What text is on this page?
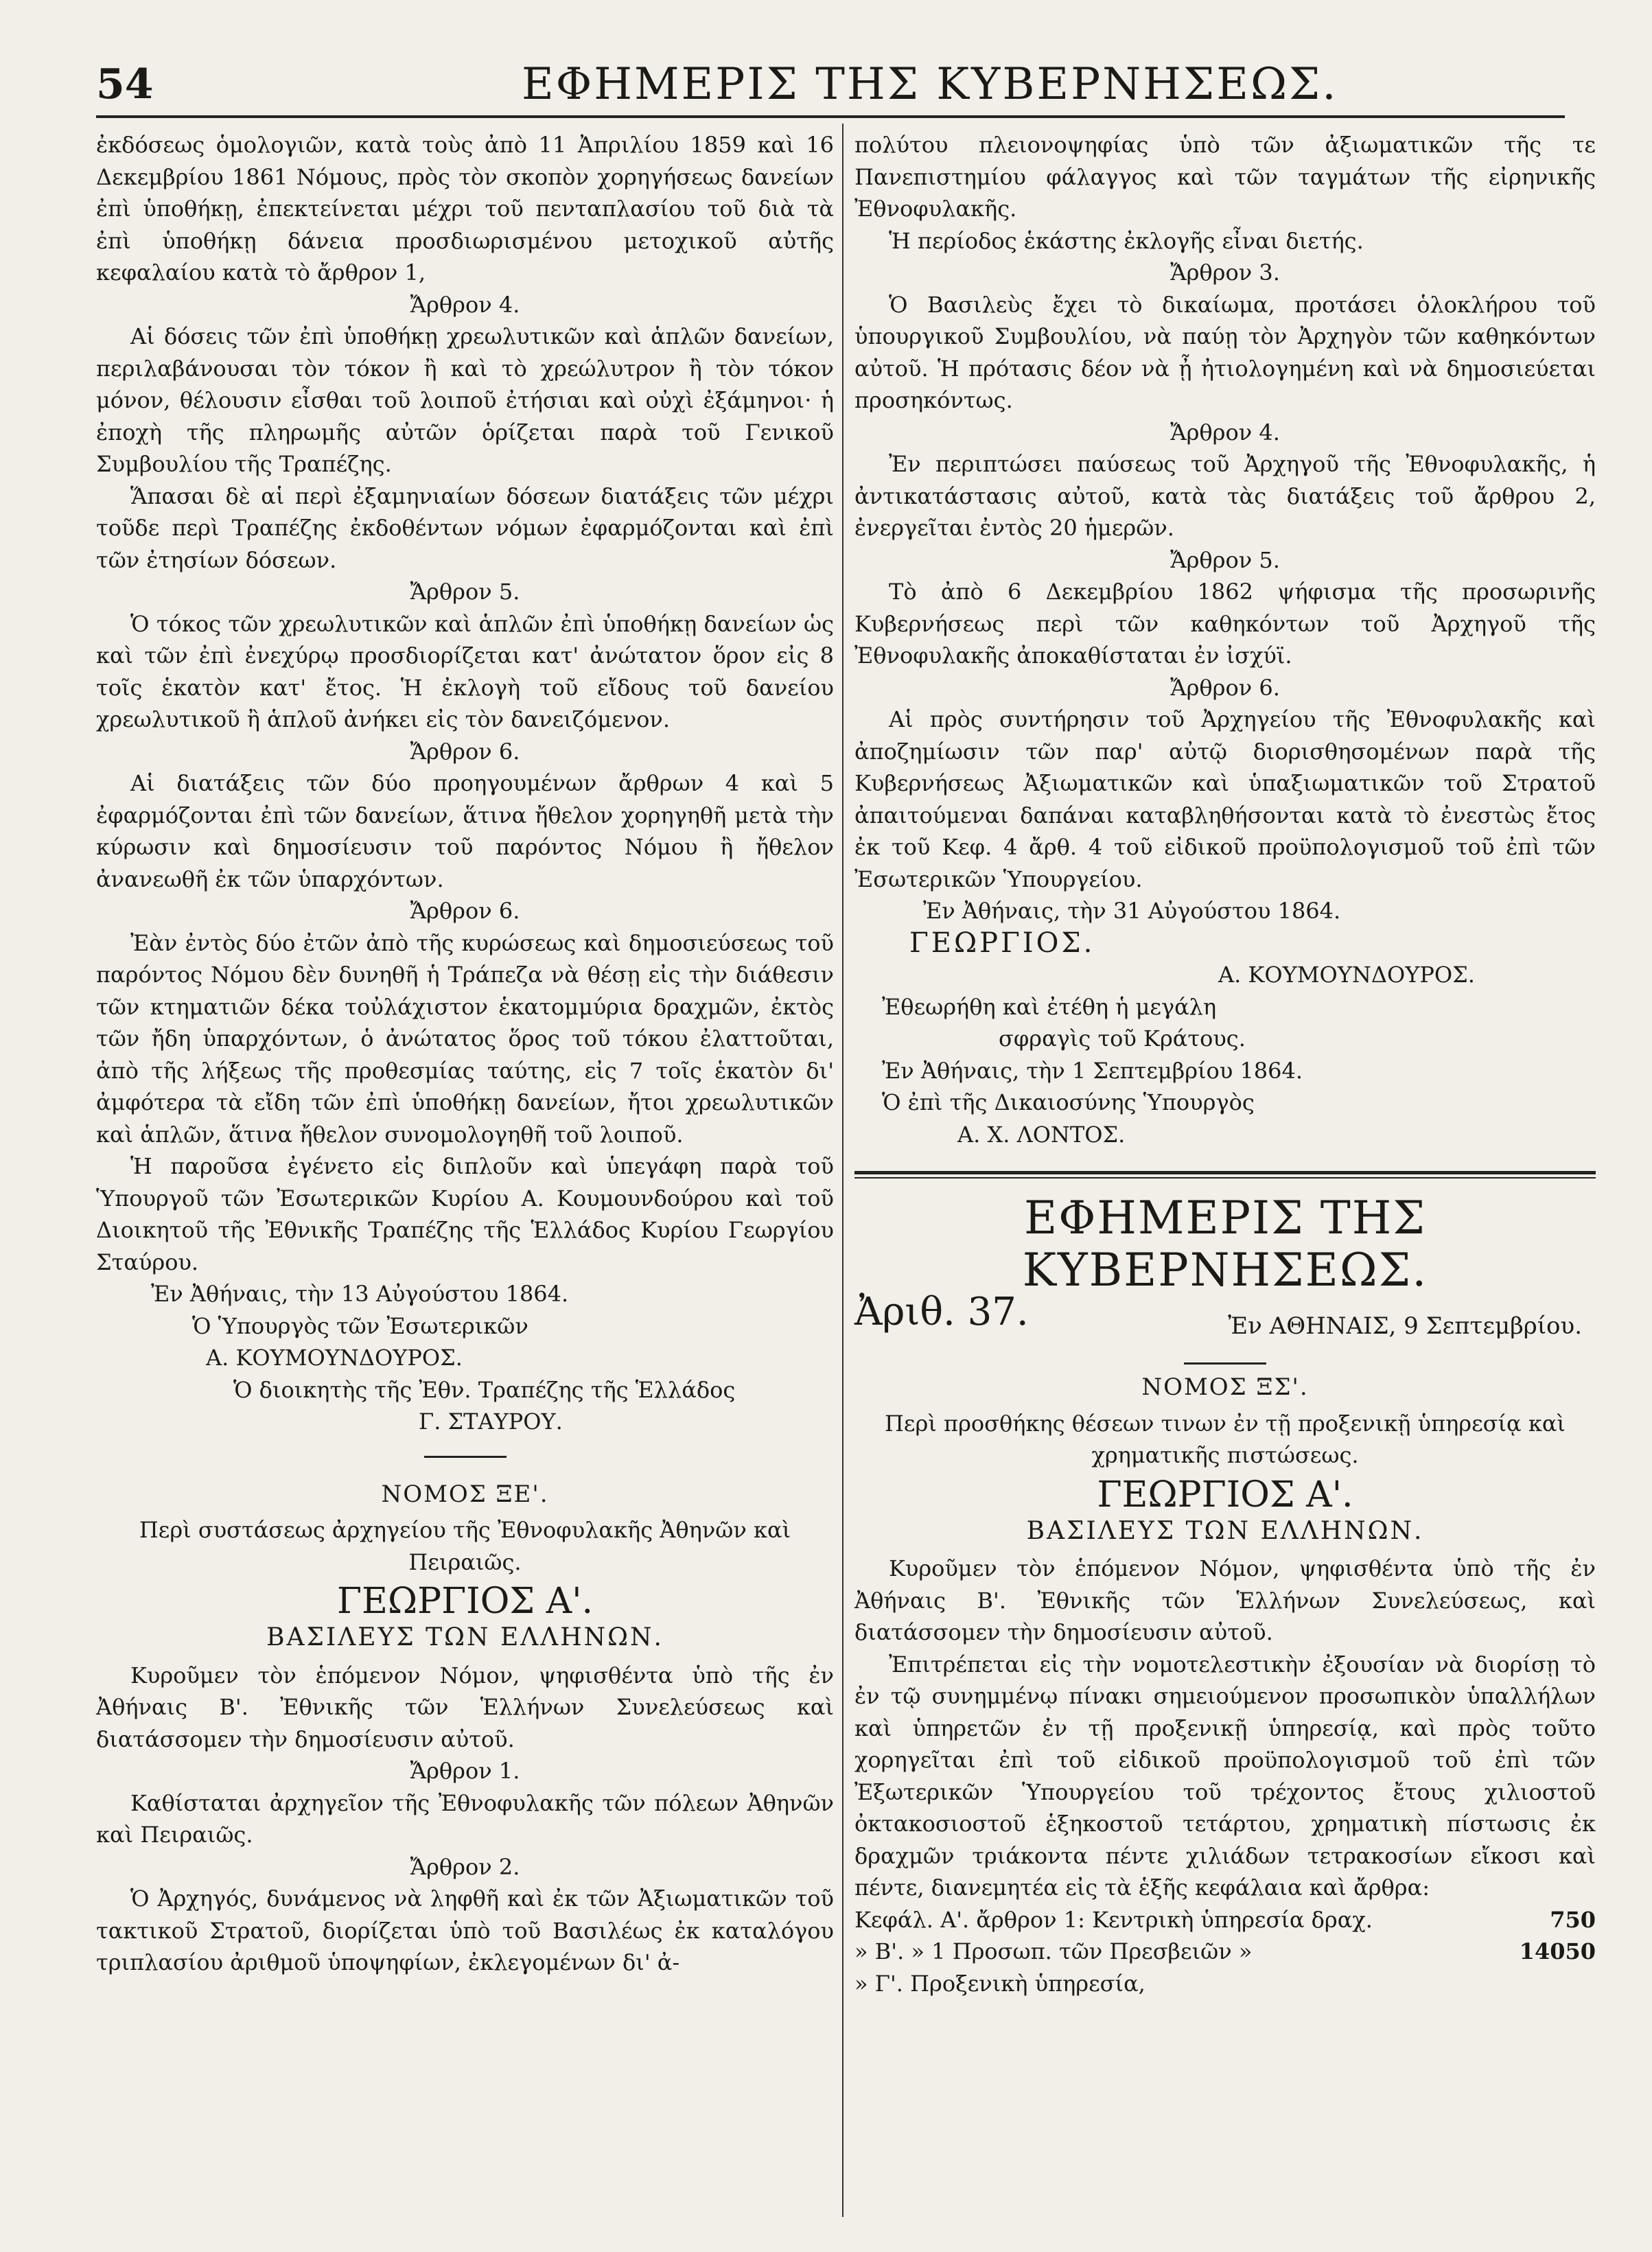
54	ΕΦΗΜΕΡΙΣ ΤΗΣ ΚΥΒΕΡΝΗΣΕΩΣ.

ἐκδόσεως ὁμολογιῶν, κατὰ τοὺς ἀπὸ 11 Ἀπριλίου 1859 καὶ 16 Δεκεμβρίου 1861 Νόμους, πρὸς τὸν σκοπὸν χορηγήσεως δανείων ἐπὶ ὑποθήκῃ, ἐπεκτείνεται μέχρι τοῦ πενταπλασίου τοῦ διὰ τὰ ἐπὶ ὑποθήκῃ δάνεια προσδιωρισμένου μετοχικοῦ αὐτῆς κεφαλαίου κατὰ τὸ ἄρθρον 1,

Ἄρθρον 4.

Αἱ δόσεις τῶν ἐπὶ ὑποθήκῃ χρεωλυτικῶν καὶ ἁπλῶν δανείων, περιλαβάνουσαι τὸν τόκον ἢ καὶ τὸ χρεώλυτρον ἢ τὸν τόκον μόνον, θέλουσιν εἶσθαι τοῦ λοιποῦ ἐτήσιαι καὶ οὐχὶ ἐξάμηνοι· ἡ ἐποχὴ τῆς πληρωμῆς αὐτῶν ὁρίζεται παρὰ τοῦ Γενικοῦ Συμβουλίου τῆς Τραπέζης.

Ἅπασαι δὲ αἱ περὶ ἐξαμηνιαίων δόσεων διατάξεις τῶν μέχρι τοῦδε περὶ Τραπέζης ἐκδοθέντων νόμων ἐφαρμόζονται καὶ ἐπὶ τῶν ἐτησίων δόσεων.

Ἄρθρον 5.

Ὁ τόκος τῶν χρεωλυτικῶν καὶ ἁπλῶν ἐπὶ ὑποθήκῃ δανείων ὡς καὶ τῶν ἐπὶ ἐνεχύρῳ προσδιορίζεται κατ' ἀνώτατον ὅρον εἰς 8 τοῖς ἑκατὸν κατ' ἔτος. Ἡ ἐκλογὴ τοῦ εἴδους τοῦ δανείου χρεωλυτικοῦ ἢ ἁπλοῦ ἀνήκει εἰς τὸν δανειζόμενον.

Ἄρθρον 6.

Αἱ διατάξεις τῶν δύο προηγουμένων ἄρθρων 4 καὶ 5 ἐφαρμόζονται ἐπὶ τῶν δανείων, ἅτινα ἤθελον χορηγηθῆ μετὰ τὴν κύρωσιν καὶ δημοσίευσιν τοῦ παρόντος Νόμου ἢ ἤθελον ἀνανεωθῆ ἐκ τῶν ὑπαρχόντων.

Ἄρθρον 6.

Ἐὰν ἐντὸς δύο ἐτῶν ἀπὸ τῆς κυρώσεως καὶ δημοσιεύσεως τοῦ παρόντος Νόμου δὲν δυνηθῆ ἡ Τράπεζα νὰ θέσῃ εἰς τὴν διάθεσιν τῶν κτηματιῶν δέκα τοὐλάχιστον ἑκατομμύρια δραχμῶν, ἐκτὸς τῶν ἤδη ὑπαρχόντων, ὁ ἀνώτατος ὅρος τοῦ τόκου ἐλαττοῦται, ἀπὸ τῆς λήξεως τῆς προθεσμίας ταύτης, εἰς 7 τοῖς ἑκατὸν δι' ἀμφότερα τὰ εἴδη τῶν ἐπὶ ὑποθήκῃ δανείων, ἤτοι χρεωλυτικῶν καὶ ἁπλῶν, ἅτινα ἤθελον συνομολογηθῆ τοῦ λοιποῦ.

Ἡ παροῦσα ἐγένετο εἰς διπλοῦν καὶ ὑπεγάφη παρὰ τοῦ Ὑπουργοῦ τῶν Ἐσωτερικῶν Κυρίου Α. Κουμουνδούρου καὶ τοῦ Διοικητοῦ τῆς Ἐθνικῆς Τραπέζης τῆς Ἑλλάδος Κυρίου Γεωργίου Σταύρου.

Ἐν Ἀθήναις, τὴν 13 Αὐγούστου 1864.

Ὁ Ὑπουργὸς τῶν Ἐσωτερικῶν

Α. ΚΟΥΜΟΥΝΔΟΥΡΟΣ.

Ὁ διοικητὴς τῆς Ἐθν. Τραπέζης τῆς Ἑλλάδος

Γ. ΣΤΑΥΡΟΥ.

ΝΟΜΟΣ ΞΕ'.

Περὶ συστάσεως ἀρχηγείου τῆς Ἐθνοφυλακῆς Ἀθηνῶν καὶ Πειραιῶς.

ΓΕΩΡΓΙΟΣ Α'.

ΒΑΣΙΛΕΥΣ ΤΩΝ ΕΛΛΗΝΩΝ.

Κυροῦμεν τὸν ἑπόμενον Νόμον, ψηφισθέντα ὑπὸ τῆς ἐν Ἀθήναις Β'. Ἐθνικῆς τῶν Ἑλλήνων Συνελεύσεως καὶ διατάσσομεν τὴν δημοσίευσιν αὐτοῦ.

Ἄρθρον 1.

Καθίσταται ἀρχηγεῖον τῆς Ἐθνοφυλακῆς τῶν πόλεων Ἀθηνῶν καὶ Πειραιῶς.

Ἄρθρον 2.

Ὁ Ἀρχηγός, δυνάμενος νὰ ληφθῆ καὶ ἐκ τῶν Ἀξιωματικῶν τοῦ τακτικοῦ Στρατοῦ, διορίζεται ὑπὸ τοῦ Βασιλέως ἐκ καταλόγου τριπλασίου ἀριθμοῦ ὑποψηφίων, ἐκλεγομένων δι' ἀ-

πολύτου πλειονοψηφίας ὑπὸ τῶν ἀξιωματικῶν τῆς τε Πανεπιστημίου φάλαγγος καὶ τῶν ταγμάτων τῆς εἰρηνικῆς Ἐθνοφυλακῆς.

Ἡ περίοδος ἑκάστης ἐκλογῆς εἶναι διετής.

Ἄρθρον 3.

Ὁ Βασιλεὺς ἔχει τὸ δικαίωμα, προτάσει ὁλοκλήρου τοῦ ὑπουργικοῦ Συμβουλίου, νὰ παύῃ τὸν Ἀρχηγὸν τῶν καθηκόντων αὐτοῦ. Ἡ πρότασις δέον νὰ ᾖ ἠτιολογημένη καὶ νὰ δημοσιεύεται προσηκόντως.

Ἄρθρον 4.

Ἐν περιπτώσει παύσεως τοῦ Ἀρχηγοῦ τῆς Ἐθνοφυλακῆς, ἡ ἀντικατάστασις αὐτοῦ, κατὰ τὰς διατάξεις τοῦ ἄρθρου 2, ἐνεργεῖται ἐντὸς 20 ἡμερῶν.

Ἄρθρον 5.

Τὸ ἀπὸ 6 Δεκεμβρίου 1862 ψήφισμα τῆς προσωρινῆς Κυβερνήσεως περὶ τῶν καθηκόντων τοῦ Ἀρχηγοῦ τῆς Ἐθνοφυλακῆς ἀποκαθίσταται ἐν ἰσχύϊ.

Ἄρθρον 6.

Αἱ πρὸς συντήρησιν τοῦ Ἀρχηγείου τῆς Ἐθνοφυλακῆς καὶ ἀποζημίωσιν τῶν παρ' αὐτῷ διορισθησομένων παρὰ τῆς Κυβερνήσεως Ἀξιωματικῶν καὶ ὑπαξιωματικῶν τοῦ Στρατοῦ ἀπαιτούμεναι δαπάναι καταβληθήσονται κατὰ τὸ ἐνεστὼς ἔτος ἐκ τοῦ Κεφ. 4 ἄρθ. 4 τοῦ εἰδικοῦ προϋπολογισμοῦ τοῦ ἐπὶ τῶν Ἐσωτερικῶν Ὑπουργείου.

Ἐν Ἀθήναις, τὴν 31 Αὐγούστου 1864.

ΓΕΩΡΓΙΟΣ.

Α. ΚΟΥΜΟΥΝΔΟΥΡΟΣ.

Ἐθεωρήθη καὶ ἐτέθη ἡ μεγάλη

σφραγὶς τοῦ Κράτους.

Ἐν Ἀθήναις, τὴν 1 Σεπτεμβρίου 1864.

Ὁ ἐπὶ τῆς Δικαιοσύνης Ὑπουργὸς

Α. Χ. ΛΟΝΤΟΣ.

ΕΦΗΜΕΡΙΣ ΤΗΣ ΚΥΒΕΡΝΗΣΕΩΣ.

Ἀριθ. 37.	Ἐν ΑΘΗΝΑΙΣ, 9 Σεπτεμβρίου.

ΝΟΜΟΣ ΞΣ'.

Περὶ προσθήκης θέσεων τινων ἐν τῇ προξενικῇ ὑπηρεσίᾳ καὶ χρηματικῆς πιστώσεως.

ΓΕΩΡΓΙΟΣ Α'.

ΒΑΣΙΛΕΥΣ ΤΩΝ ΕΛΛΗΝΩΝ.

Κυροῦμεν τὸν ἑπόμενον Νόμον, ψηφισθέντα ὑπὸ τῆς ἐν Ἀθήναις Β'. Ἐθνικῆς τῶν Ἑλλήνων Συνελεύσεως, καὶ διατάσσομεν τὴν δημοσίευσιν αὐτοῦ.

Ἐπιτρέπεται εἰς τὴν νομοτελεστικὴν ἐξουσίαν νὰ διορίσῃ τὸ ἐν τῷ συνημμένῳ πίνακι σημειούμενον προσωπικὸν ὑπαλλήλων καὶ ὑπηρετῶν ἐν τῇ προξενικῇ ὑπηρεσίᾳ, καὶ πρὸς τοῦτο χορηγεῖται ἐπὶ τοῦ εἰδικοῦ προϋπολογισμοῦ τοῦ ἐπὶ τῶν Ἐξωτερικῶν Ὑπουργείου τοῦ τρέχοντος ἔτους χιλιοστοῦ ὀκτακοσιοστοῦ ἑξηκοστοῦ τετάρτου, χρηματικὴ πίστωσις ἐκ δραχμῶν τριάκοντα πέντε χιλιάδων τετρακοσίων εἴκοσι καὶ πέντε, διανεμητέα εἰς τὰ ἑξῆς κεφάλαια καὶ ἄρθρα:

Κεφάλ. Α'. ἄρθρον 1: Κεντρικὴ ὑπηρεσία δραχ.	750

» Β'. » 1 Προσωπ. τῶν Πρεσβειῶν »	14050

» Γ'. Προξενικὴ ὑπηρεσία,
